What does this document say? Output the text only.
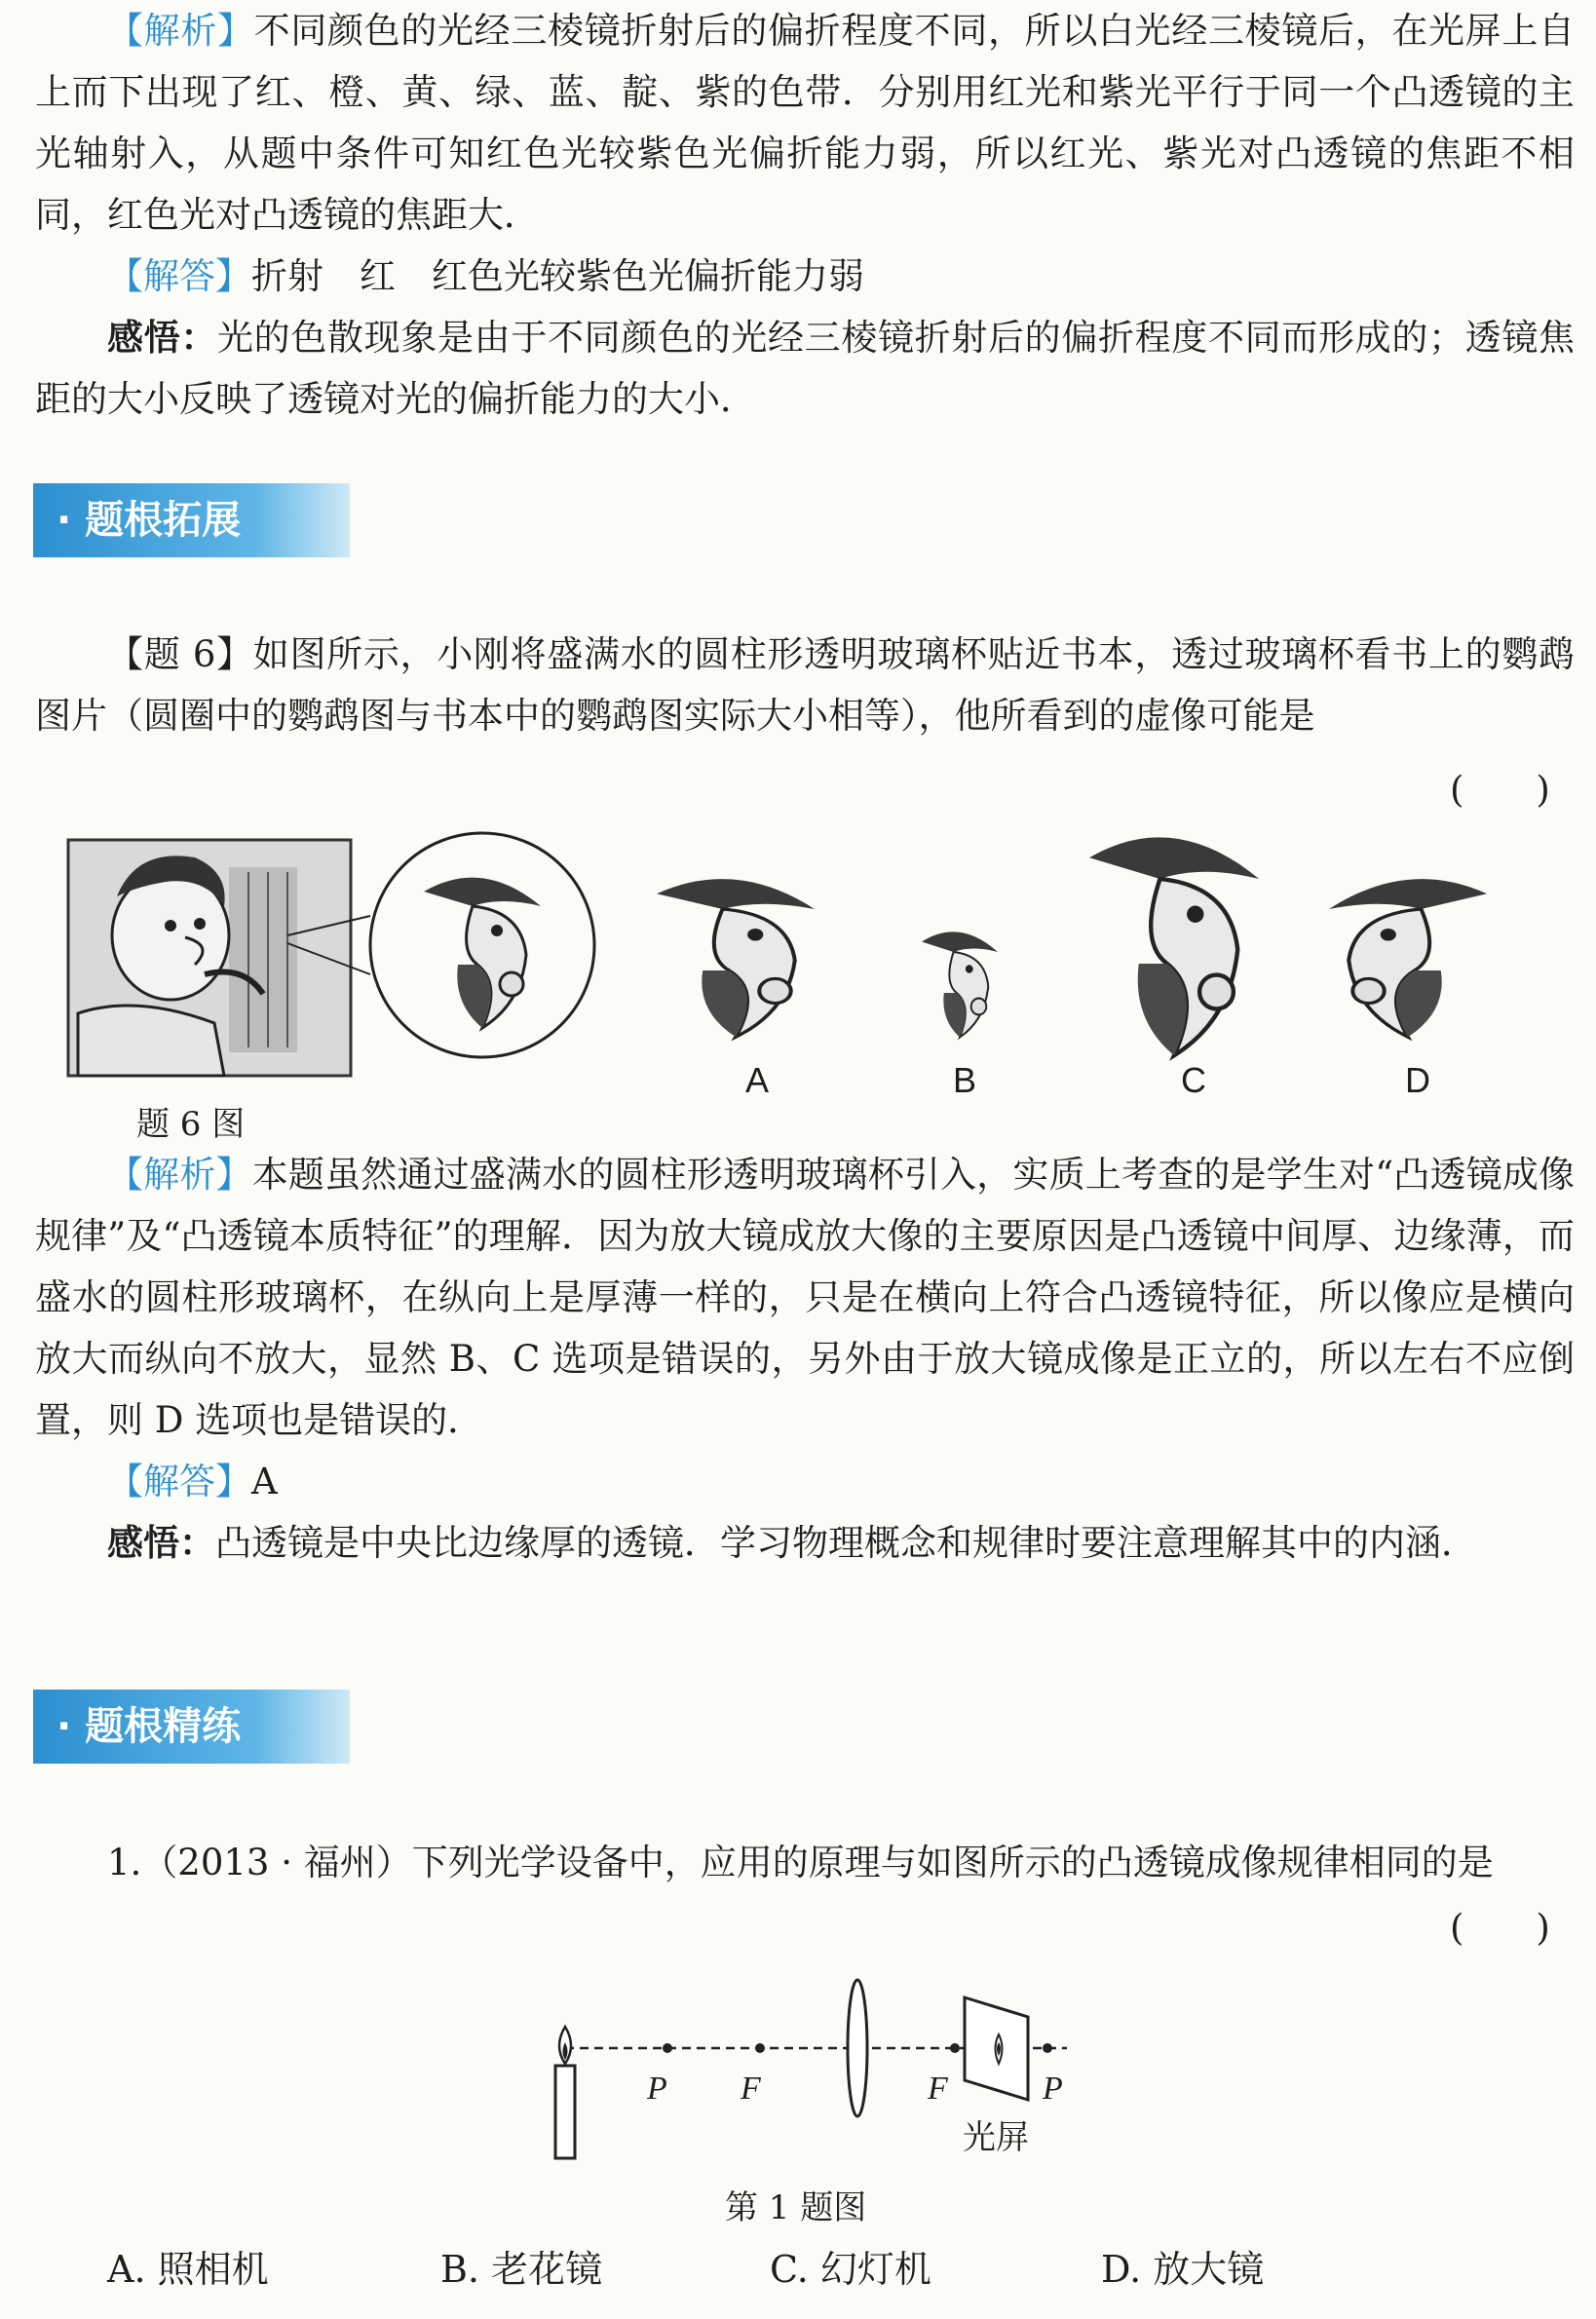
【解析】不同颜色的光经三棱镜折射后的偏折程度不同，所以白光经三棱镜后，在光屏上自上而下出现了红、橙、黄、绿、蓝、靛、紫的色带．分别用红光和紫光平行于同一个凸透镜的主光轴射入，从题中条件可知红色光较紫色光偏折能力弱，所以红光、紫光对凸透镜的焦距不相同，红色光对凸透镜的焦距大．

【解答】折射　红　红色光较紫色光偏折能力弱

感悟：光的色散现象是由于不同颜色的光经三棱镜折射后的偏折程度不同而形成的；透镜焦距的大小反映了透镜对光的偏折能力的大小．

· 题根拓展

【题 6】如图所示，小刚将盛满水的圆柱形透明玻璃杯贴近书本，透过玻璃杯看书上的鹦鹉图片（圆圈中的鹦鹉图与书本中的鹦鹉图实际大小相等），他所看到的虚像可能是

(　　)
A	B	C	D
题 6 图

【解析】本题虽然通过盛满水的圆柱形透明玻璃杯引入，实质上考查的是学生对“凸透镜成像规律”及“凸透镜本质特征”的理解．因为放大镜成放大像的主要原因是凸透镜中间厚、边缘薄，而盛水的圆柱形玻璃杯，在纵向上是厚薄一样的，只是在横向上符合凸透镜特征，所以像应是横向放大而纵向不放大，显然 B、C 选项是错误的，另外由于放大镜成像是正立的，所以左右不应倒置，则 D 选项也是错误的．

【解答】A

感悟：凸透镜是中央比边缘厚的透镜．学习物理概念和规律时要注意理解其中的内涵．

· 题根精练

1.（2013 · 福州）下列光学设备中，应用的原理与如图所示的凸透镜成像规律相同的是

(　　)
P F	F	P
光屏
第 1 题图
A. 照相机	B. 老花镜	C. 幻灯机	D. 放大镜
